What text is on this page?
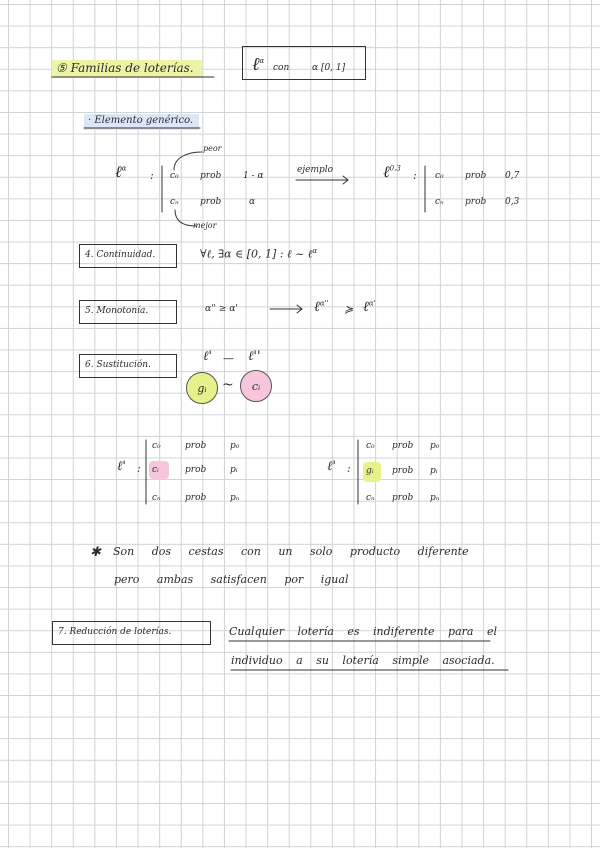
⑤ Familias de loterías.	ℓ$^\alpha$
con	α [0, 1]
· Elemento genérico.
ℓ$^\alpha$
:
peor
c₀ prob 1 - α
cₙ prob	α
mejor
ejemplo	ℓ$^{0,3}$
: c₀ prob 0,7
cₙ prob 0,3
4. Continuidad.	∀ℓ, ∃α ∈ [0, 1] : ℓ ~ ℓ$^\alpha$
5. Monotonía.	α'' ≥ α'	ℓ$^{\alpha''}$ ≽ ℓ$^{\alpha'}$
6. Sustitución.
ℓ' — ℓ''
gᵢ ~ cᵢ
ℓ' :
c₀	prob	p₀
cᵢ	prob	pᵢ
cₙ	prob	pₙ
ℓ' :
c₀ prob p₀
gᵢ prob pᵢ
cₙ prob pₙ
✱ Son dos cestas con un solo producto diferente
pero ambas satisfacen por igual
7. Reducción de loterías.	Cualquier lotería es indiferente para el
individuo a su lotería simple asociada.
